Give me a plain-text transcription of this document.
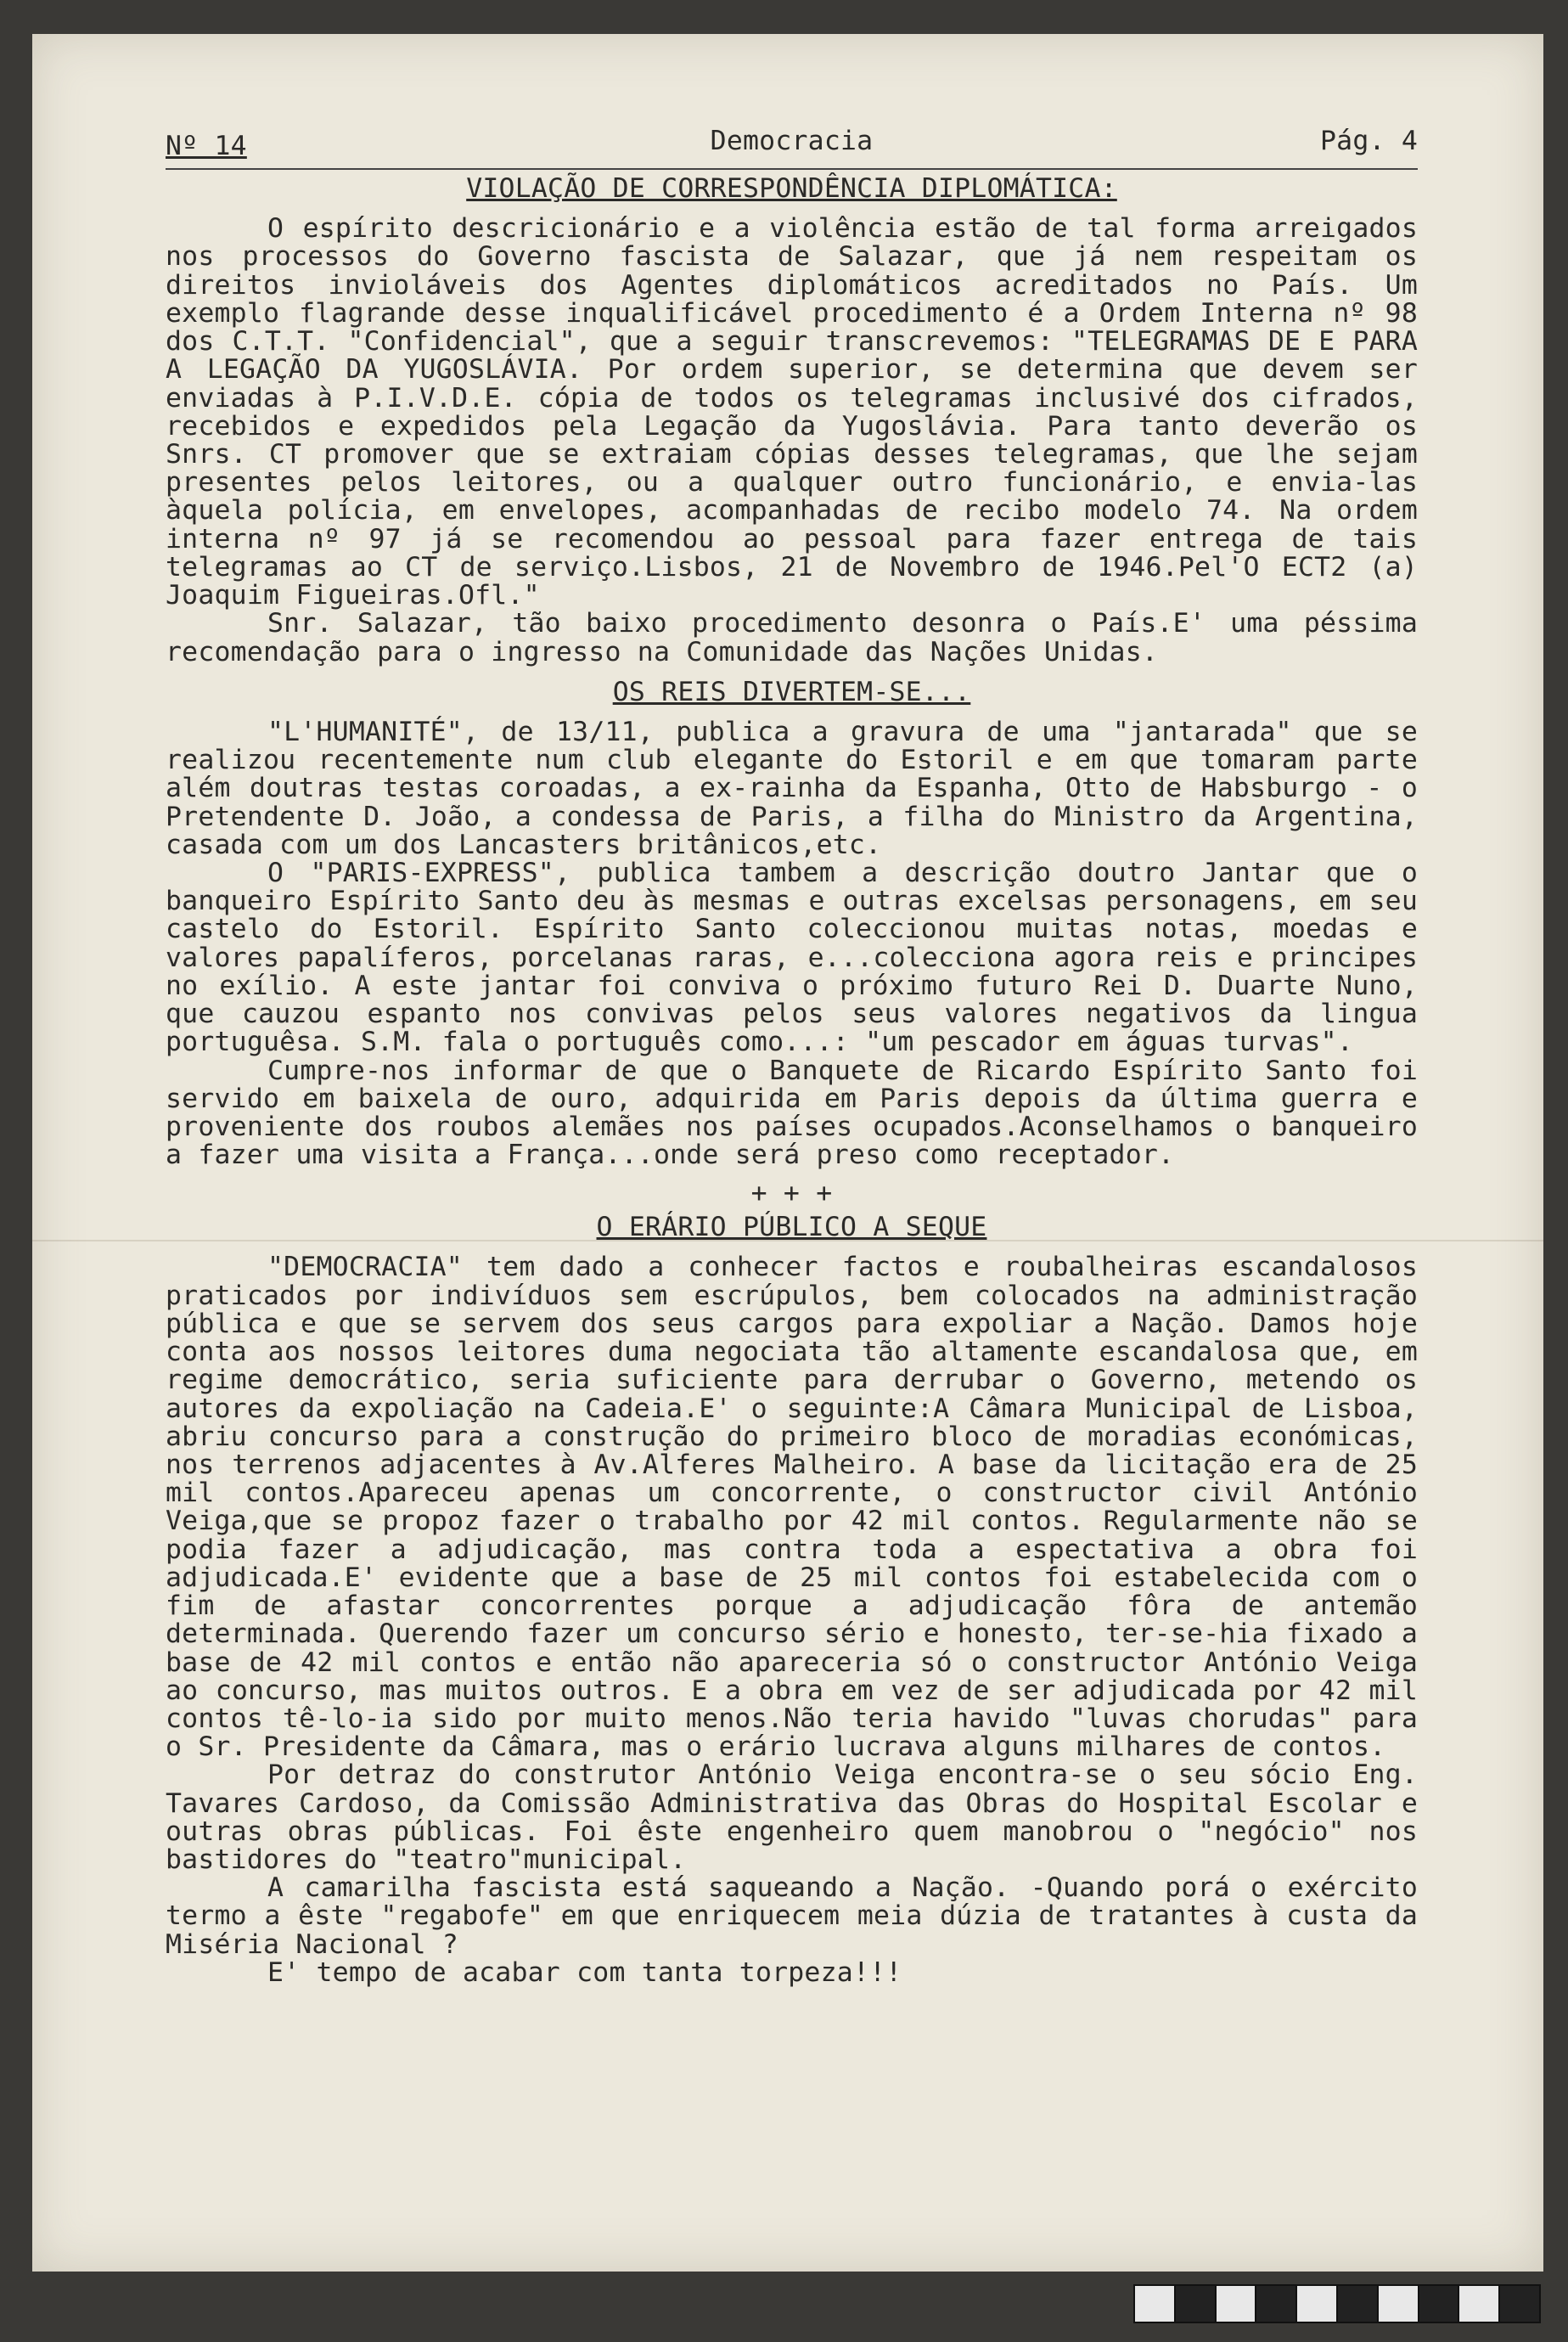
Nº 14	Democracia	Pág. 4
VIOLAÇÃO DE CORRESPONDÊNCIA DIPLOMÁTICA:

O espírito descricionário e a violência estão de tal forma arreigados nos processos do Governo fascista de Salazar, que já nem respeitam os direitos invioláveis dos Agentes diplomáticos acreditados no País. Um exemplo flagrande desse inqualificável procedimento é a Ordem Interna nº 98 dos C.T.T. "Confidencial", que a seguir transcrevemos: "TELEGRAMAS DE E PARA A LEGAÇÃO DA YUGOSLÁVIA. Por ordem superior, se determina que devem ser enviadas à P.I.V.D.E. cópia de todos os telegramas inclusivé dos cifrados, recebidos e expedidos pela Legação da Yugoslávia. Para tanto deverão os Snrs. CT promover que se extraiam cópias desses telegramas, que lhe sejam presentes pelos leitores, ou a qualquer outro funcionário, e envia-las àquela polícia, em envelopes, acompanhadas de recibo modelo 74. Na ordem interna nº 97 já se recomendou ao pessoal para fazer entrega de tais telegramas ao CT de serviço.Lisbos, 21 de Novembro de 1946.Pel'O ECT2 (a) Joaquim Figueiras.Ofl."

Snr. Salazar, tão baixo procedimento desonra o País.E' uma péssima recomendação para o ingresso na Comunidade das Nações Unidas.

OS REIS DIVERTEM-SE...

"L'HUMANITÉ", de 13/11, publica a gravura de uma "jantarada" que se realizou recentemente num club elegante do Estoril e em que tomaram parte além doutras testas coroadas, a ex-rainha da Espanha, Otto de Habsburgo - o Pretendente D. João, a condessa de Paris, a filha do Ministro da Argentina, casada com um dos Lancasters britânicos,etc.

O "PARIS-EXPRESS", publica tambem a descrição doutro Jantar que o banqueiro Espírito Santo deu às mesmas e outras excelsas personagens, em seu castelo do Estoril. Espírito Santo coleccionou muitas notas, moedas e valores papalíferos, porcelanas raras, e...colecciona agora reis e principes no exílio. A este jantar foi conviva o próximo futuro Rei D. Duarte Nuno, que cauzou espanto nos convivas pelos seus valores negativos da lingua portuguêsa. S.M. fala o português como...: "um pescador em águas turvas".

Cumpre-nos informar de que o Banquete de Ricardo Espírito Santo foi servido em baixela de ouro, adquirida em Paris depois da última guerra e proveniente dos roubos alemães nos países ocupados.Aconselhamos o banqueiro a fazer uma visita a França...onde será preso como receptador.

+ + +
O ERÁRIO PÚBLICO A SEQUE

"DEMOCRACIA" tem dado a conhecer factos e roubalheiras escandalosos praticados por indivíduos sem escrúpulos, bem colocados na administração pública e que se servem dos seus cargos para expoliar a Nação. Damos hoje conta aos nossos leitores duma negociata tão altamente escandalosa que, em regime democrático, seria suficiente para derrubar o Governo, metendo os autores da expoliação na Cadeia.E' o seguinte:A Câmara Municipal de Lisboa, abriu concurso para a construção do primeiro bloco de moradias económicas, nos terrenos adjacentes à Av.Alferes Malheiro. A base da licitação era de 25 mil contos.Apareceu apenas um concorrente, o constructor civil António Veiga,que se propoz fazer o trabalho por 42 mil contos. Regularmente não se podia fazer a adjudicação, mas contra toda a espectativa a obra foi adjudicada.E' evidente que a base de 25 mil contos foi estabelecida com o fim de afastar concorrentes porque a adjudicação fôra de antemão determinada. Querendo fazer um concurso sério e honesto, ter-se-hia fixado a base de 42 mil contos e então não apareceria só o constructor António Veiga ao concurso, mas muitos outros. E a obra em vez de ser adjudicada por 42 mil contos tê-lo-ia sido por muito menos.Não teria havido "luvas chorudas" para o Sr. Presidente da Câmara, mas o erário lucrava alguns milhares de contos.

Por detraz do construtor António Veiga encontra-se o seu sócio Eng. Tavares Cardoso, da Comissão Administrativa das Obras do Hospital Escolar e outras obras públicas. Foi êste engenheiro quem manobrou o "negócio" nos bastidores do "teatro"municipal.

A camarilha fascista está saqueando a Nação. -Quando porá o exército termo a êste "regabofe" em que enriquecem meia dúzia de tratantes à custa da Miséria Nacional ?

E' tempo de acabar com tanta torpeza!!!
